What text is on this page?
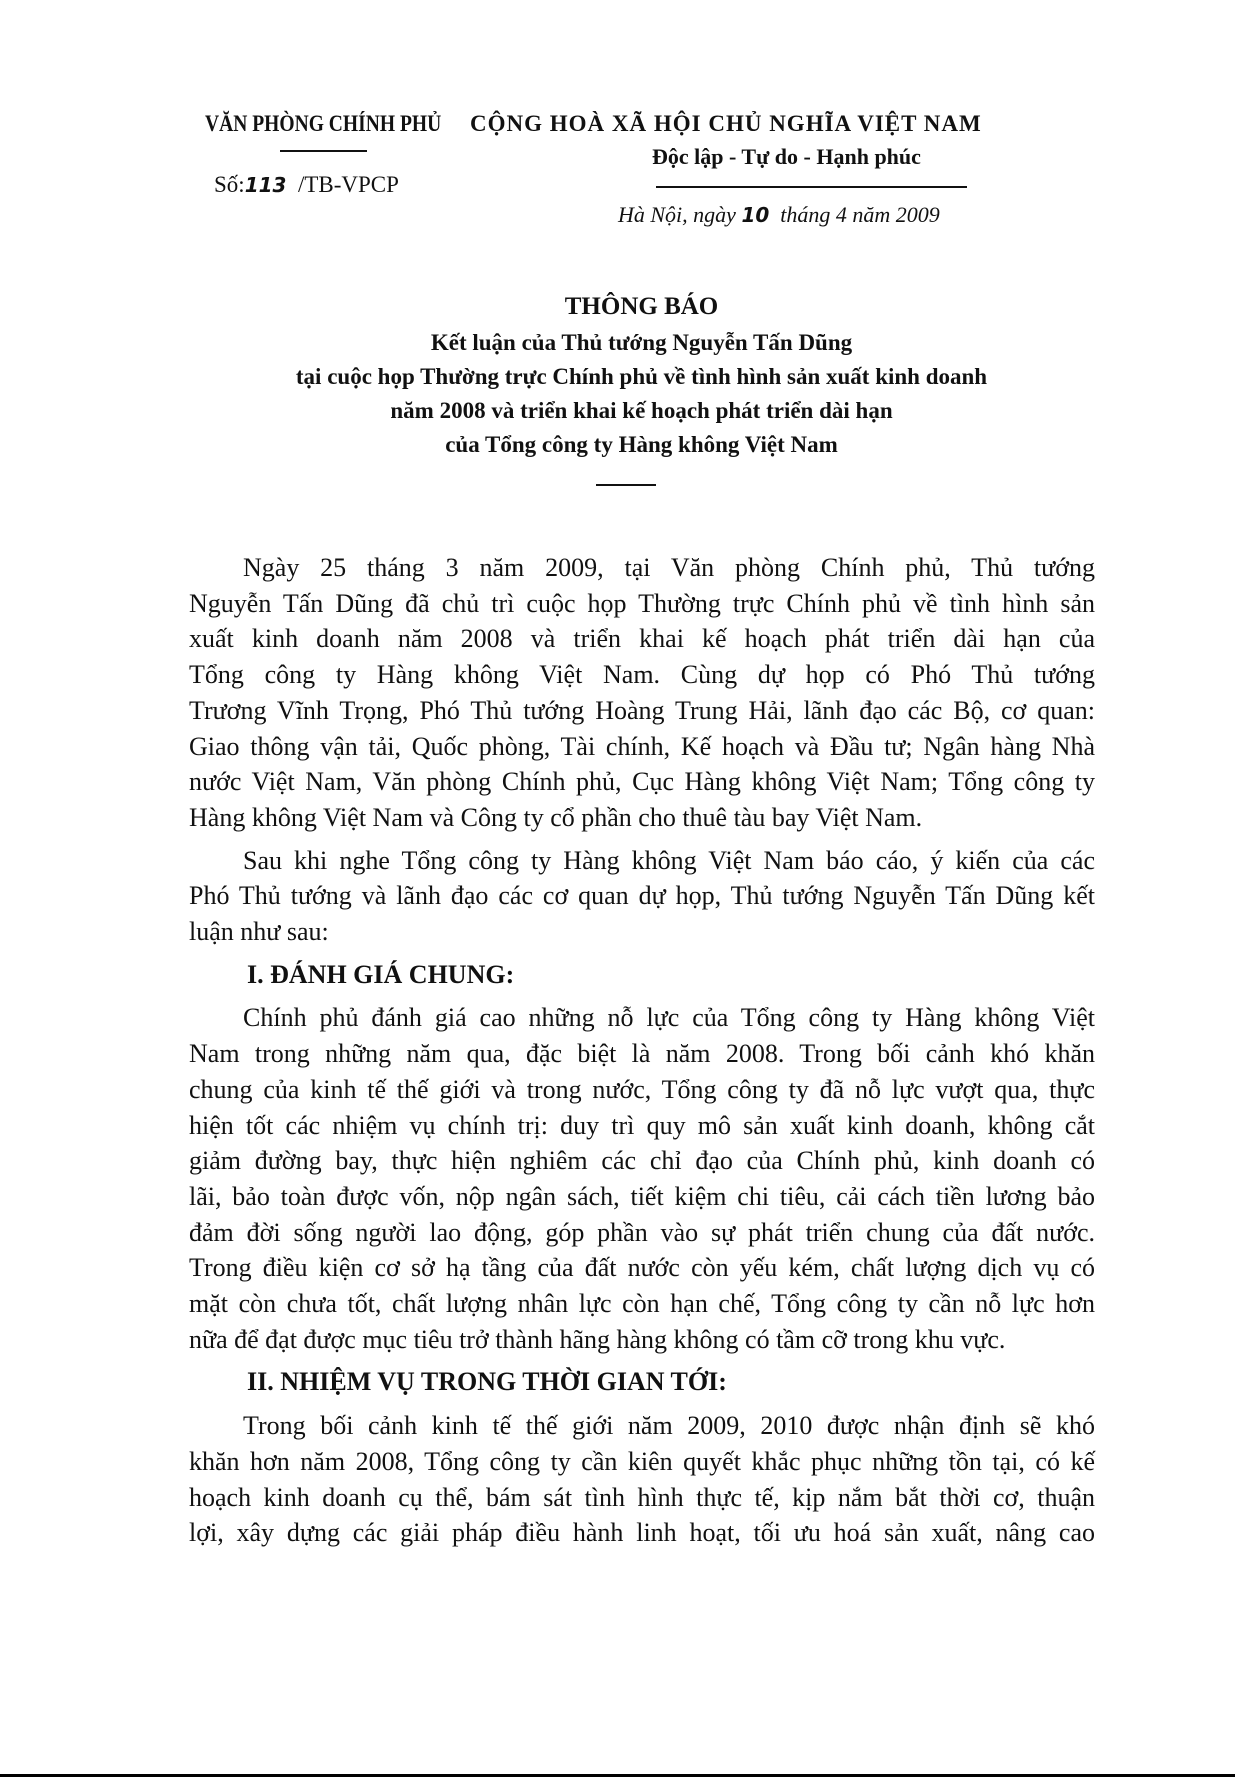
VĂN PHÒNG CHÍNH PHỦ
Số:113 /TB-VPCP
CỘNG HOÀ XÃ HỘI CHỦ NGHĨA VIỆT NAM
Độc lập - Tự do - Hạnh phúc
Hà Nội, ngày 10 tháng 4 năm 2009
THÔNG BÁO
Kết luận của Thủ tướng Nguyễn Tấn Dũng
tại cuộc họp Thường trực Chính phủ về tình hình sản xuất kinh doanh
năm 2008 và triển khai kế hoạch phát triển dài hạn
của Tổng công ty Hàng không Việt Nam
Ngày 25 tháng 3 năm 2009, tại Văn phòng Chính phủ, Thủ tướng
Nguyễn Tấn Dũng đã chủ trì cuộc họp Thường trực Chính phủ về tình hình sản
xuất kinh doanh năm 2008 và triển khai kế hoạch phát triển dài hạn của
Tổng công ty Hàng không Việt Nam. Cùng dự họp có Phó Thủ tướng
Trương Vĩnh Trọng, Phó Thủ tướng Hoàng Trung Hải, lãnh đạo các Bộ, cơ quan:
Giao thông vận tải, Quốc phòng, Tài chính, Kế hoạch và Đầu tư; Ngân hàng Nhà
nước Việt Nam, Văn phòng Chính phủ, Cục Hàng không Việt Nam; Tổng công ty
Hàng không Việt Nam và Công ty cổ phần cho thuê tàu bay Việt Nam.
Sau khi nghe Tổng công ty Hàng không Việt Nam báo cáo, ý kiến của các
Phó Thủ tướng và lãnh đạo các cơ quan dự họp, Thủ tướng Nguyễn Tấn Dũng kết
luận như sau:
I. ĐÁNH GIÁ CHUNG:
Chính phủ đánh giá cao những nỗ lực của Tổng công ty Hàng không Việt
Nam trong những năm qua, đặc biệt là năm 2008. Trong bối cảnh khó khăn
chung của kinh tế thế giới và trong nước, Tổng công ty đã nỗ lực vượt qua, thực
hiện tốt các nhiệm vụ chính trị: duy trì quy mô sản xuất kinh doanh, không cắt
giảm đường bay, thực hiện nghiêm các chỉ đạo của Chính phủ, kinh doanh có
lãi, bảo toàn được vốn, nộp ngân sách, tiết kiệm chi tiêu, cải cách tiền lương bảo
đảm đời sống người lao động, góp phần vào sự phát triển chung của đất nước.
Trong điều kiện cơ sở hạ tầng của đất nước còn yếu kém, chất lượng dịch vụ có
mặt còn chưa tốt, chất lượng nhân lực còn hạn chế, Tổng công ty cần nỗ lực hơn
nữa để đạt được mục tiêu trở thành hãng hàng không có tầm cỡ trong khu vực.
II. NHIỆM VỤ TRONG THỜI GIAN TỚI:
Trong bối cảnh kinh tế thế giới năm 2009, 2010 được nhận định sẽ khó
khăn hơn năm 2008, Tổng công ty cần kiên quyết khắc phục những tồn tại, có kế
hoạch kinh doanh cụ thể, bám sát tình hình thực tế, kịp nắm bắt thời cơ, thuận
lợi, xây dựng các giải pháp điều hành linh hoạt, tối ưu hoá sản xuất, nâng cao
